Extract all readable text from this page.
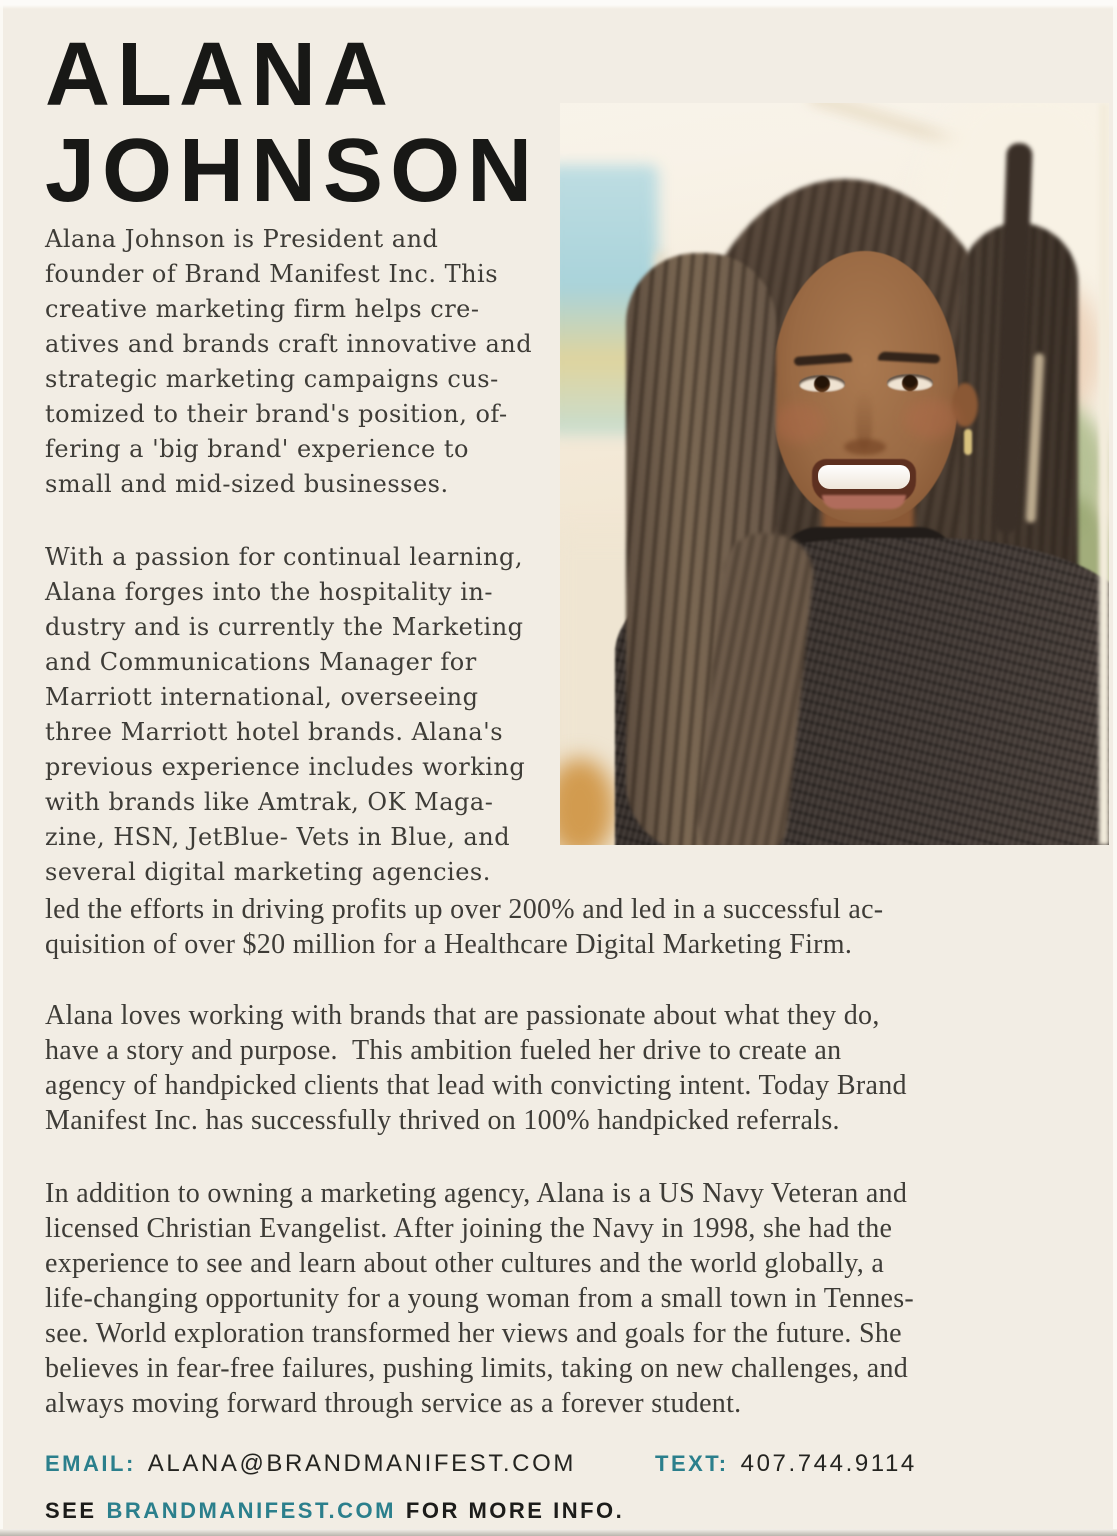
ALANA
JOHNSON
Alana Johnson is President and
founder of Brand Manifest Inc. This
creative marketing firm helps cre-
atives and brands craft innovative and
strategic marketing campaigns cus-
tomized to their brand's position, of-
fering a 'big brand' experience to
small and mid-sized businesses.
With a passion for continual learning,
Alana forges into the hospitality in-
dustry and is currently the Marketing
and Communications Manager for
Marriott international, overseeing
three Marriott hotel brands. Alana's
previous experience includes working
with brands like Amtrak, OK Maga-
zine, HSN, JetBlue- Vets in Blue, and
several digital marketing agencies.
led the efforts in driving profits up over 200% and led in a successful ac-
quisition of over $20 million for a Healthcare Digital Marketing Firm.
Alana loves working with brands that are passionate about what they do,
have a story and purpose.  This ambition fueled her drive to create an
agency of handpicked clients that lead with convicting intent. Today Brand
Manifest Inc. has successfully thrived on 100% handpicked referrals.
In addition to owning a marketing agency, Alana is a US Navy Veteran and
licensed Christian Evangelist. After joining the Navy in 1998, she had the
experience to see and learn about other cultures and the world globally, a
life-changing opportunity for a young woman from a small town in Tennes-
see. World exploration transformed her views and goals for the future. She
believes in fear-free failures, pushing limits, taking on new challenges, and
always moving forward through service as a forever student.
EMAIL: ALANA@BRANDMANIFEST.COM	TEXT: 407.744.9114
SEE BRANDMANIFEST.COM FOR MORE INFO.
